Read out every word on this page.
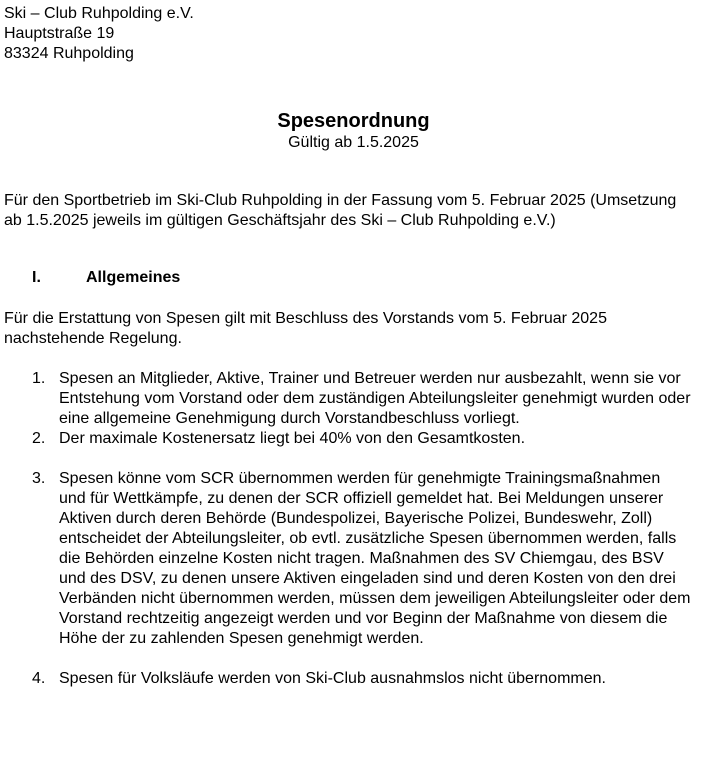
Ski – Club Ruhpolding e.V.

Hauptstraße 19

83324 Ruhpolding

Spesenordnung

Gültig ab 1.5.2025

Für den Sportbetrieb im Ski-Club Ruhpolding in der Fassung vom 5. Februar 2025 (Umsetzung ab 1.5.2025 jeweils im gültigen Geschäftsjahr des Ski – Club Ruhpolding e.V.)

I.	Allgemeines

Für die Erstattung von Spesen gilt mit Beschluss des Vorstands vom 5. Februar 2025 nachstehende Regelung.

1. Spesen an Mitglieder, Aktive, Trainer und Betreuer werden nur ausbezahlt, wenn sie vor Entstehung vom Vorstand oder dem zuständigen Abteilungsleiter genehmigt wurden oder eine allgemeine Genehmigung durch Vorstandbeschluss vorliegt.
2. Der maximale Kostenersatz liegt bei 40% von den Gesamtkosten.
3. Spesen könne vom SCR übernommen werden für genehmigte Trainingsmaßnahmen und für Wettkämpfe, zu denen der SCR offiziell gemeldet hat. Bei Meldungen unserer Aktiven durch deren Behörde (Bundespolizei, Bayerische Polizei, Bundeswehr, Zoll) entscheidet der Abteilungsleiter, ob evtl. zusätzliche Spesen übernommen werden, falls die Behörden einzelne Kosten nicht tragen. Maßnahmen des SV Chiemgau, des BSV und des DSV, zu denen unsere Aktiven eingeladen sind und deren Kosten von den drei Verbänden nicht übernommen werden, müssen dem jeweiligen Abteilungsleiter oder dem Vorstand rechtzeitig angezeigt werden und vor Beginn der Maßnahme von diesem die Höhe der zu zahlenden Spesen genehmigt werden.
4. Spesen für Volksläufe werden von Ski-Club ausnahmslos nicht übernommen.
